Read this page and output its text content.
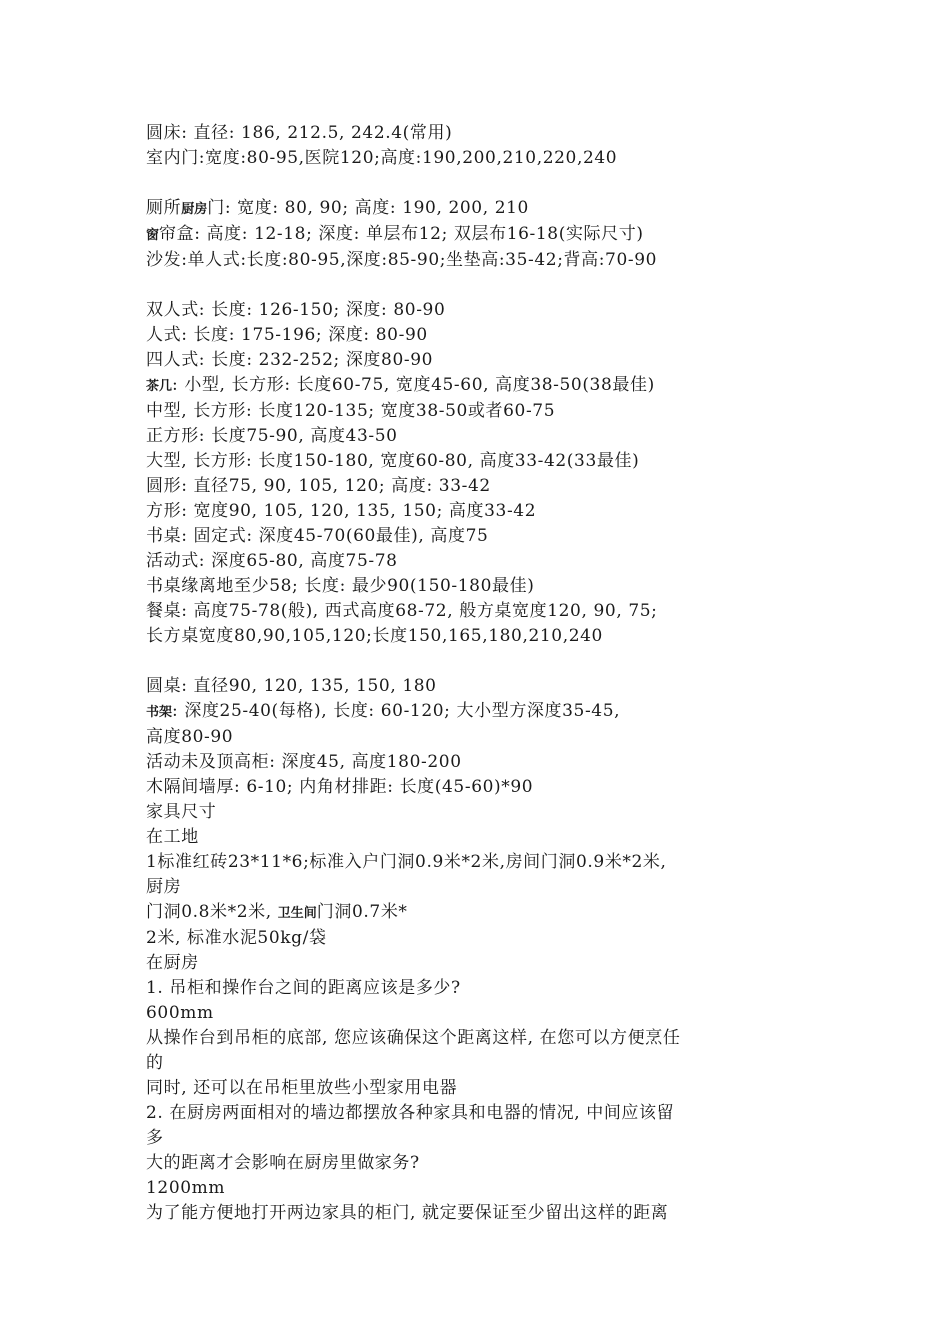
圆床: 直径: 186, 212.5, 242.4(常用)
室内门:宽度:80-95,医院120;高度:190,200,210,220,240
厕所厨房门: 宽度: 80, 90; 高度: 190, 200, 210
窗帘盒: 高度: 12-18; 深度: 单层布12; 双层布16-18(实际尺寸)
沙发:单人式:长度:80-95,深度:85-90;坐垫高:35-42;背高:70-90
双人式: 长度: 126-150; 深度: 80-90
人式: 长度: 175-196; 深度: 80-90
四人式: 长度: 232-252; 深度80-90
茶几: 小型, 长方形: 长度60-75, 宽度45-60, 高度38-50(38最佳)
中型, 长方形: 长度120-135; 宽度38-50或者60-75
正方形: 长度75-90, 高度43-50
大型, 长方形: 长度150-180, 宽度60-80, 高度33-42(33最佳)
圆形: 直径75, 90, 105, 120; 高度: 33-42
方形: 宽度90, 105, 120, 135, 150; 高度33-42
书桌: 固定式: 深度45-70(60最佳), 高度75
活动式: 深度65-80, 高度75-78
书桌缘离地至少58; 长度: 最少90(150-180最佳)
餐桌: 高度75-78(般), 西式高度68-72, 般方桌宽度120, 90, 75;
长方桌宽度80,90,105,120;长度150,165,180,210,240
圆桌: 直径90, 120, 135, 150, 180
书架: 深度25-40(每格), 长度: 60-120; 大小型方深度35-45,
高度80-90
活动未及顶高柜: 深度45, 高度180-200
木隔间墙厚: 6-10; 内角材排距: 长度(45-60)*90
家具尺寸
在工地
1标准红砖23*11*6;标准入户门洞0.9米*2米,房间门洞0.9米*2米,
厨房
门洞0.8米*2米, 卫生间门洞0.7米*
2米, 标准水泥50kg/袋
在厨房
1. 吊柜和操作台之间的距离应该是多少?
600mm
从操作台到吊柜的底部, 您应该确保这个距离这样, 在您可以方便烹任
的
同时, 还可以在吊柜里放些小型家用电器
2. 在厨房两面相对的墙边都摆放各种家具和电器的情况, 中间应该留
多
大的距离才会影响在厨房里做家务?
1200mm
为了能方便地打开两边家具的柜门, 就定要保证至少留出这样的距离
